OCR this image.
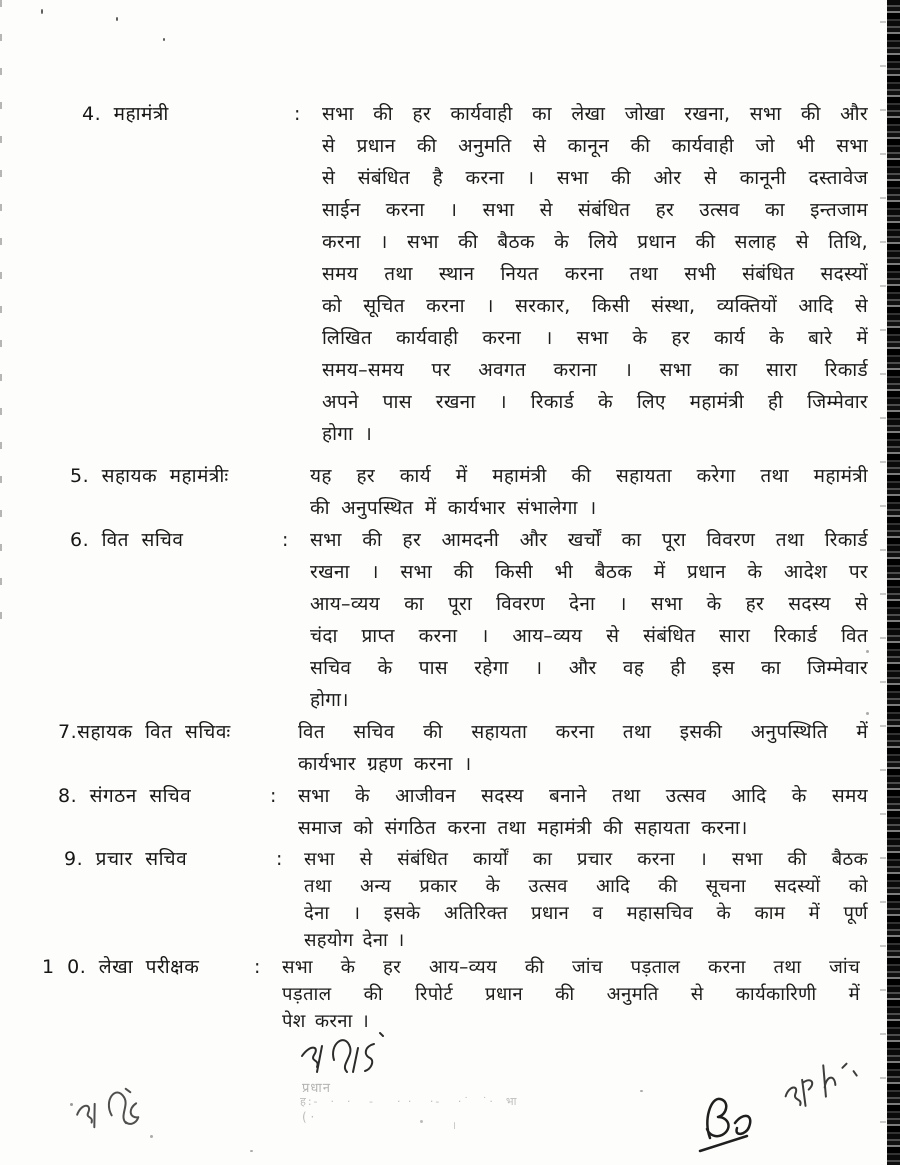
4. महामंत्री	:	सभा की हर कार्यवाही का लेखा जोखा रखना, सभा की और
से प्रधान की अनुमति से कानून की कार्यवाही जो भी सभा
से संबंधित है करना । सभा की ओर से कानूनी दस्तावेज
साईन करना । सभा से संबंधित हर उत्सव का इन्तजाम
करना । सभा की बैठक के लिये प्रधान की सलाह से तिथि,
समय तथा स्थान नियत करना तथा सभी संबंधित सदस्यों
को सूचित करना । सरकार, किसी संस्था, व्यक्तियों आदि से
लिखित कार्यवाही करना । सभा के हर कार्य के बारे में
समय–समय पर अवगत कराना । सभा का सारा रिकार्ड
अपने पास रखना । रिकार्ड के लिए महामंत्री ही जिम्मेवार
होगा ।
5. सहायक महामंत्रीः	यह हर कार्य में महामंत्री की सहायता करेगा तथा महामंत्री
की अनुपस्थित में कार्यभार संभालेगा ।
6. वित सचिव	:	सभा की हर आमदनी और खर्चों का पूरा विवरण तथा रिकार्ड
रखना । सभा की किसी भी बैठक में प्रधान के आदेश पर
आय–व्यय का पूरा विवरण देना । सभा के हर सदस्य से
चंदा प्राप्त करना । आय–व्यय से संबंधित सारा रिकार्ड वित
सचिव के पास रहेगा । और वह ही इस का जिम्मेवार
होगा।
7.सहायक वित सचिवः	वित सचिव की सहायता करना तथा इसकी अनुपस्थिति में
कार्यभार ग्रहण करना ।
8. संगठन सचिव	:	सभा के आजीवन सदस्य बनाने तथा उत्सव आदि के समय
समाज को संगठित करना तथा महामंत्री की सहायता करना।
9. प्रचार सचिव	:	सभा से संबंधित कार्यों का प्रचार करना । सभा की बैठक
तथा अन्य प्रकार के उत्सव आदि की सूचना सदस्यों को
देना । इसके अतिरिक्त प्रधान व महासचिव के काम में पूर्ण
सहयोग देना ।
1 0. लेखा परीक्षक	:	सभा के हर आय–व्यय की जांच पड़ताल करना तथा जांच
पड़ताल की रिपोर्ट प्रधान की अनुमति से कार्यकारिणी में
पेश करना ।
प्रधान
ह:-  ·  ·   -    · ·   ·-   ·˙  ˙·  भा
( ·
।
